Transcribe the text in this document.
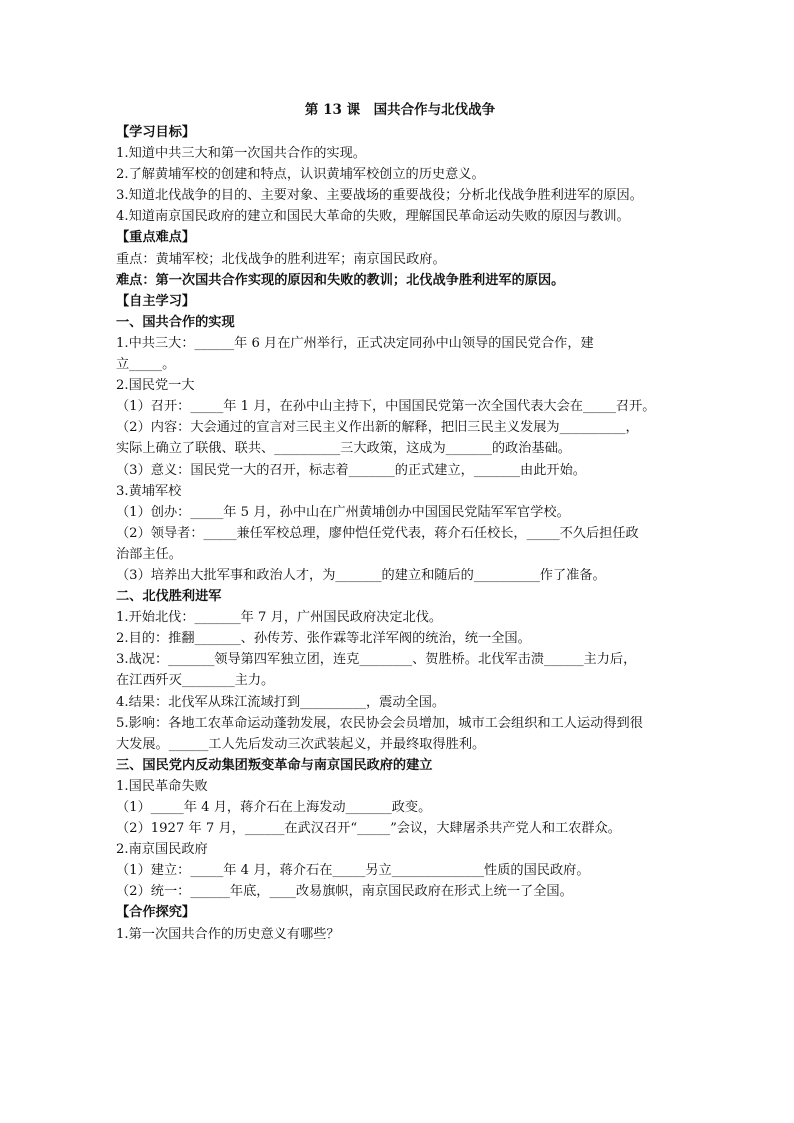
第 13 课　国共合作与北伐战争
【学习目标】
1.知道中共三大和第一次国共合作的实现。
2.了解黄埔军校的创建和特点，认识黄埔军校创立的历史意义。
3.知道北伐战争的目的、主要对象、主要战场的重要战役；分析北伐战争胜利进军的原因。
4.知道南京国民政府的建立和国民大革命的失败，理解国民革命运动失败的原因与教训。
【重点难点】
重点：黄埔军校；北伐战争的胜利进军；南京国民政府。
难点：第一次国共合作实现的原因和失败的教训；北伐战争胜利进军的原因。
【自主学习】
一、国共合作的实现
1.中共三大：______年 6 月在广州举行，正式决定同孙中山领导的国民党合作，建
立_____。
2.国民党一大
（1）召开：_____年 1 月，在孙中山主持下，中国国民党第一次全国代表大会在_____召开。
（2）内容：大会通过的宣言对三民主义作出新的解释，把旧三民主义发展为__________，
实际上确立了联俄、联共、__________三大政策，这成为_______的政治基础。
（3）意义：国民党一大的召开，标志着_______的正式建立，_______由此开始。
3.黄埔军校
（1）创办：_____年 5 月，孙中山在广州黄埔创办中国国民党陆军军官学校。
（2）领导者：_____兼任军校总理，廖仲恺任党代表，蒋介石任校长，_____不久后担任政
治部主任。
（3）培养出大批军事和政治人才，为_______的建立和随后的__________作了准备。
二、北伐胜利进军
1.开始北伐：_______年 7 月，广州国民政府决定北伐。
2.目的：推翻_______、孙传芳、张作霖等北洋军阀的统治，统一全国。
3.战况：_______领导第四军独立团，连克________、贺胜桥。北伐军击溃______主力后，
在江西歼灭________主力。
4.结果：北伐军从珠江流域打到__________，震动全国。
5.影响：各地工农革命运动蓬勃发展，农民协会会员增加，城市工会组织和工人运动得到很
大发展。______工人先后发动三次武装起义，并最终取得胜利。
三、国民党内反动集团叛变革命与南京国民政府的建立
1.国民革命失败
（1）_____年 4 月，蒋介石在上海发动_______政变。
（2）1927 年 7 月，______在武汉召开“_____”会议，大肆屠杀共产党人和工农群众。
2.南京国民政府
（1）建立：_____年 4 月，蒋介石在_____另立______________性质的国民政府。
（2）统一：______年底，____改易旗帜，南京国民政府在形式上统一了全国。
【合作探究】
1.第一次国共合作的历史意义有哪些？
